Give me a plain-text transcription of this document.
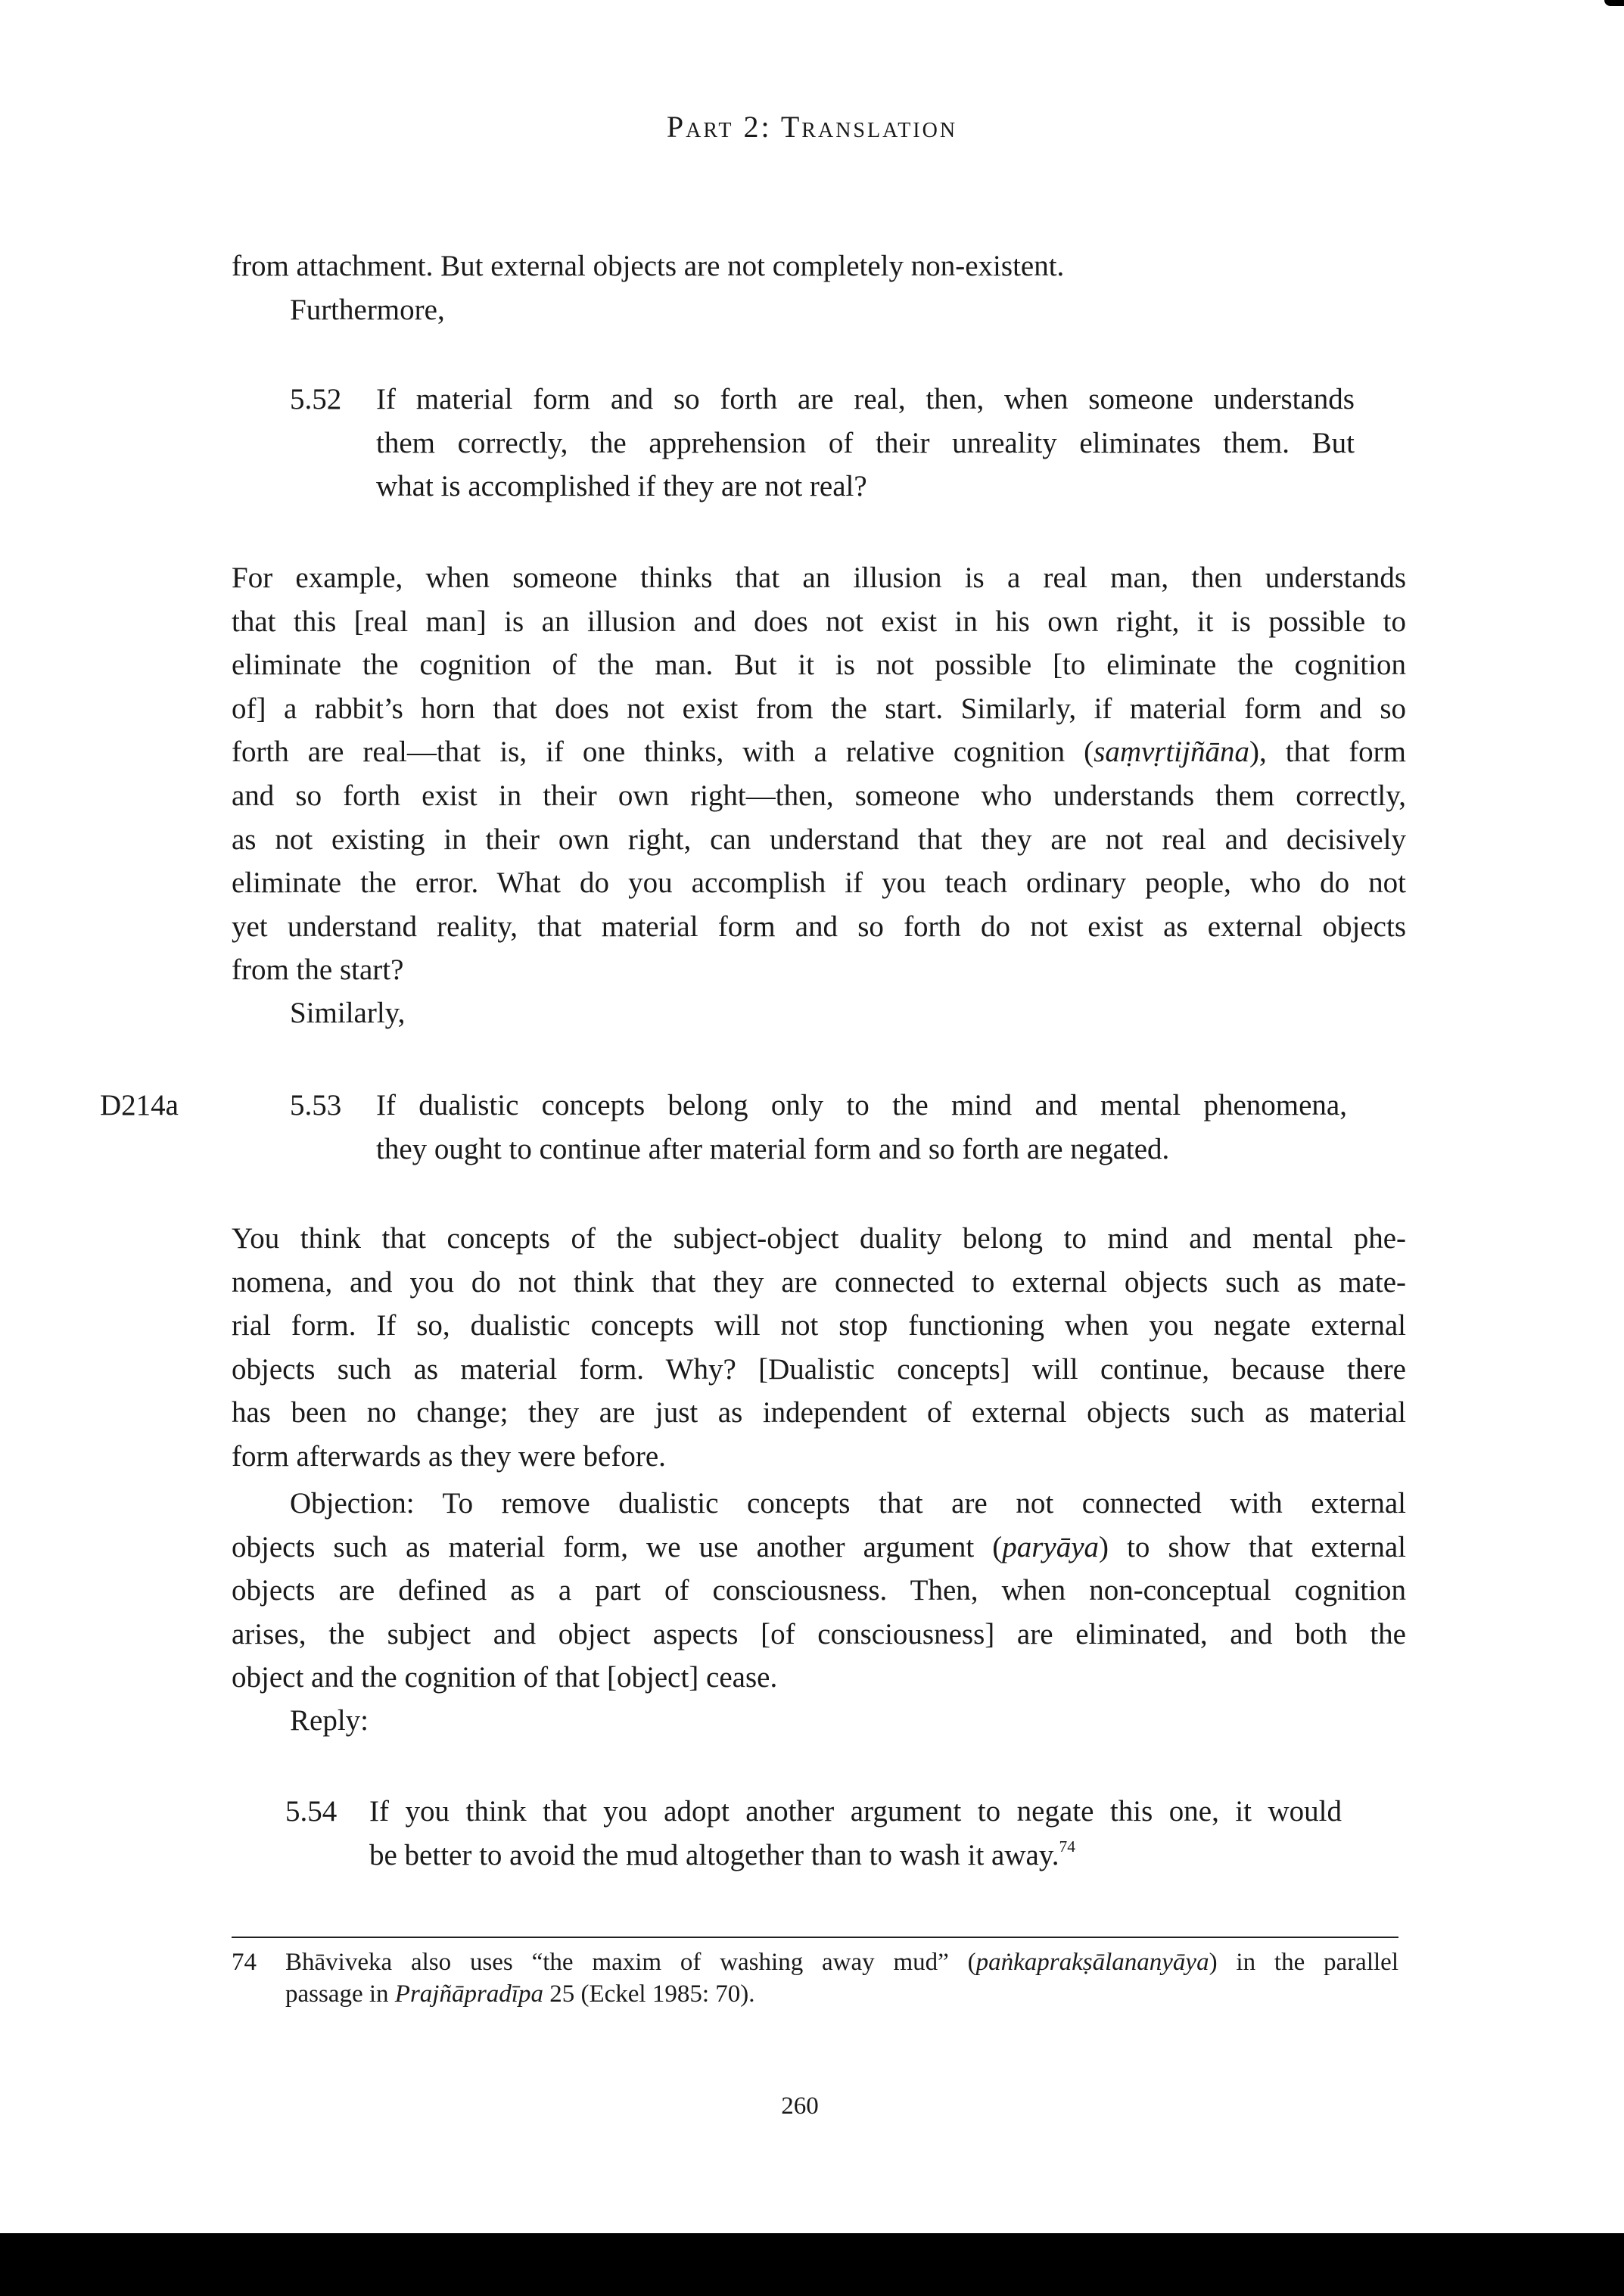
Part 2: Translation
from attachment. But external objects are not completely non-existent.
Furthermore,
5.52 If material form and so forth are real, then, when someone understands
them correctly, the apprehension of their unreality eliminates them. But
what is accomplished if they are not real?
For example, when someone thinks that an illusion is a real man, then understands
that this [real man] is an illusion and does not exist in his own right, it is possible to
eliminate the cognition of the man. But it is not possible [to eliminate the cognition
of] a rabbit’s horn that does not exist from the start. Similarly, if material form and so
forth are real—that is, if one thinks, with a relative cognition (saṃvṛtijñāna), that form
and so forth exist in their own right—then, someone who understands them correctly,
as not existing in their own right, can understand that they are not real and decisively
eliminate the error. What do you accomplish if you teach ordinary people, who do not
yet understand reality, that material form and so forth do not exist as external objects
from the start?
Similarly,
D214a	5.53 If dualistic concepts belong only to the mind and mental phenomena,
they ought to continue after material form and so forth are negated.
You think that concepts of the subject-object duality belong to mind and mental phe-
nomena, and you do not think that they are connected to external objects such as mate-
rial form. If so, dualistic concepts will not stop functioning when you negate external
objects such as material form. Why? [Dualistic concepts] will continue, because there
has been no change; they are just as independent of external objects such as material
form afterwards as they were before.
Objection: To remove dualistic concepts that are not connected with external
objects such as material form, we use another argument (paryāya) to show that external
objects are defined as a part of consciousness. Then, when non-conceptual cognition
arises, the subject and object aspects [of consciousness] are eliminated, and both the
object and the cognition of that [object] cease.
Reply:
5.54 If you think that you adopt another argument to negate this one, it would
be better to avoid the mud altogether than to wash it away.$^{74}$
74 Bhāviveka also uses “the maxim of washing away mud” (paṅkaprakṣālananyāya) in the parallel
passage in Prajñāpradīpa 25 (Eckel 1985: 70).
260
